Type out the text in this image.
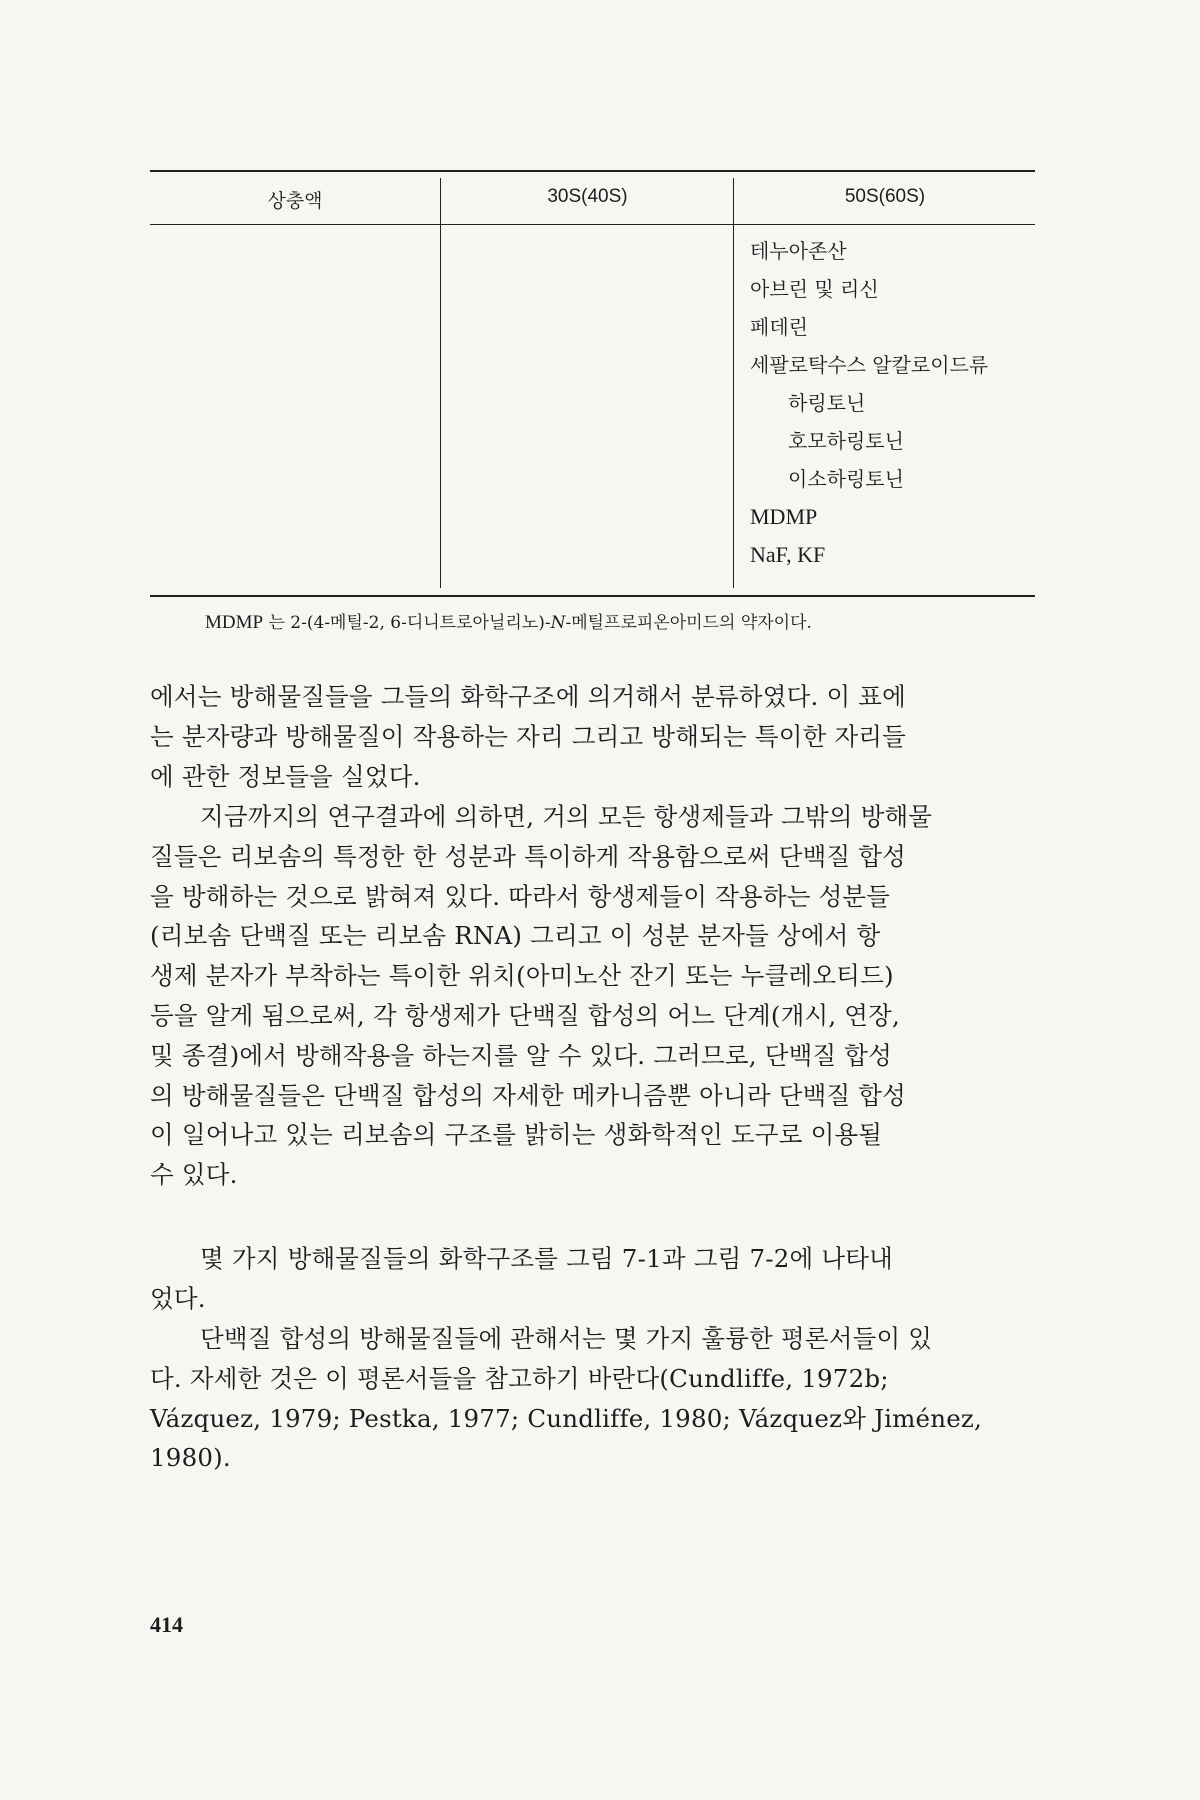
상충액	30S(40S)	50S(60S)
테누아존산
아브린 및 리신
페데린
세팔로탁수스 알칼로이드류
하링토닌
호모하링토닌
이소하링토닌
MDMP
NaF, KF
MDMP 는 2-(4-메틸-2, 6-디니트로아닐리노)-N-메틸프로피온아미드의 약자이다.
에서는 방해물질들을 그들의 화학구조에 의거해서 분류하였다. 이 표에
는 분자량과 방해물질이 작용하는 자리 그리고 방해되는 특이한 자리들
에 관한 정보들을 실었다.
지금까지의 연구결과에 의하면, 거의 모든 항생제들과 그밖의 방해물
질들은 리보솜의 특정한 한 성분과 특이하게 작용함으로써 단백질 합성
을 방해하는 것으로 밝혀져 있다. 따라서 항생제들이 작용하는 성분들
(리보솜 단백질 또는 리보솜 RNA) 그리고 이 성분 분자들 상에서 항
생제 분자가 부착하는 특이한 위치(아미노산 잔기 또는 누클레오티드)
등을 알게 됨으로써, 각 항생제가 단백질 합성의 어느 단계(개시, 연장,
및 종결)에서 방해작용을 하는지를 알 수 있다. 그러므로, 단백질 합성
의 방해물질들은 단백질 합성의 자세한 메카니즘뿐 아니라 단백질 합성
이 일어나고 있는 리보솜의 구조를 밝히는 생화학적인 도구로 이용될
수 있다.
몇 가지 방해물질들의 화학구조를 그림 7-1과 그림 7-2에 나타내
었다.
단백질 합성의 방해물질들에 관해서는 몇 가지 훌륭한 평론서들이 있
다. 자세한 것은 이 평론서들을 참고하기 바란다(Cundliffe, 1972b;
Vázquez, 1979; Pestka, 1977; Cundliffe, 1980; Vázquez와 Jiménez,
1980).
414
